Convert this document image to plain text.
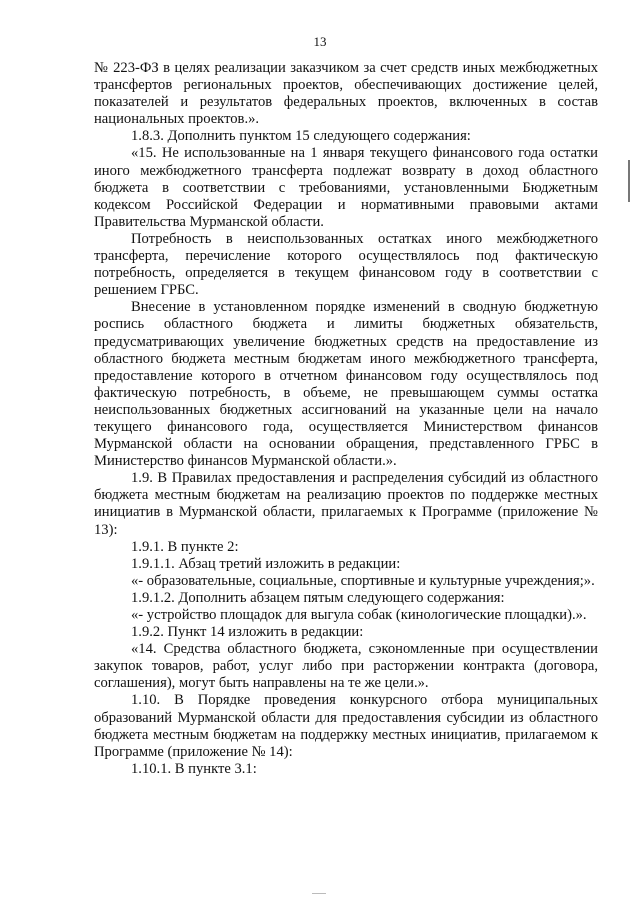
13

№ 223-ФЗ в целях реализации заказчиком за счет средств иных межбюджетных трансфертов региональных проектов, обеспечивающих достижение целей, показателей и результатов федеральных проектов, включенных в состав национальных проектов.».

1.8.3. Дополнить пунктом 15 следующего содержания:

«15. Не использованные на 1 января текущего финансового года остатки иного межбюджетного трансферта подлежат возврату в доход областного бюджета в соответствии с требованиями, установленными Бюджетным кодексом Российской Федерации и нормативными правовыми актами Правительства Мурманской области.

Потребность в неиспользованных остатках иного межбюджетного трансферта, перечисление которого осуществлялось под фактическую потребность, определяется в текущем финансовом году в соответствии с решением ГРБС.

Внесение в установленном порядке изменений в сводную бюджетную роспись областного бюджета и лимиты бюджетных обязательств, предусматривающих увеличение бюджетных средств на предоставление из областного бюджета местным бюджетам иного межбюджетного трансферта, предоставление которого в отчетном финансовом году осуществлялось под фактическую потребность, в объеме, не превышающем суммы остатка неиспользованных бюджетных ассигнований на указанные цели на начало текущего финансового года, осуществляется Министерством финансов Мурманской области на основании обращения, представленного ГРБС в Министерство финансов Мурманской области.».

1.9. В Правилах предоставления и распределения субсидий из областного бюджета местным бюджетам на реализацию проектов по поддержке местных инициатив в Мурманской области, прилагаемых к Программе (приложение № 13):

1.9.1. В пункте 2:

1.9.1.1. Абзац третий изложить в редакции:

«- образовательные, социальные, спортивные и культурные учреждения;».

1.9.1.2. Дополнить абзацем пятым следующего содержания:

«- устройство площадок для выгула собак (кинологические площадки).».

1.9.2. Пункт 14 изложить в редакции:

«14. Средства областного бюджета, сэкономленные при осуществлении закупок товаров, работ, услуг либо при расторжении контракта (договора, соглашения), могут быть направлены на те же цели.».

1.10. В Порядке проведения конкурсного отбора муниципальных образований Мурманской области для предоставления субсидии из областного бюджета местным бюджетам на поддержку местных инициатив, прилагаемом к Программе (приложение № 14):

1.10.1. В пункте 3.1:
